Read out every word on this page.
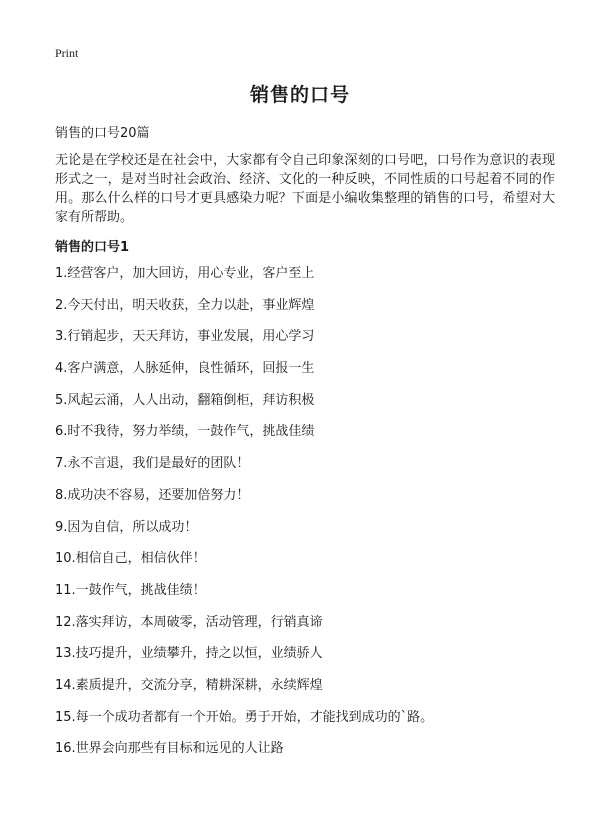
Print
销售的口号
销售的口号20篇
无论是在学校还是在社会中，大家都有令自己印象深刻的口号吧，口号作为意识的表现形式之一，是对当时社会政治、经济、文化的一种反映，不同性质的口号起着不同的作用。那么什么样的口号才更具感染力呢？下面是小编收集整理的销售的口号，希望对大家有所帮助。
销售的口号1
1.经营客户，加大回访，用心专业，客户至上
2.今天付出，明天收获，全力以赴，事业辉煌
3.行销起步，天天拜访，事业发展，用心学习
4.客户满意，人脉延伸，良性循环，回报一生
5.风起云涌，人人出动，翻箱倒柜，拜访积极
6.时不我待，努力举绩，一鼓作气，挑战佳绩
7.永不言退，我们是最好的团队！
8.成功决不容易，还要加倍努力！
9.因为自信，所以成功！
10.相信自己，相信伙伴！
11.一鼓作气，挑战佳绩！
12.落实拜访，本周破零，活动管理，行销真谛
13.技巧提升，业绩攀升，持之以恒，业绩骄人
14.素质提升，交流分享，精耕深耕，永续辉煌
15.每一个成功者都有一个开始。勇于开始，才能找到成功的`路。
16.世界会向那些有目标和远见的人让路
